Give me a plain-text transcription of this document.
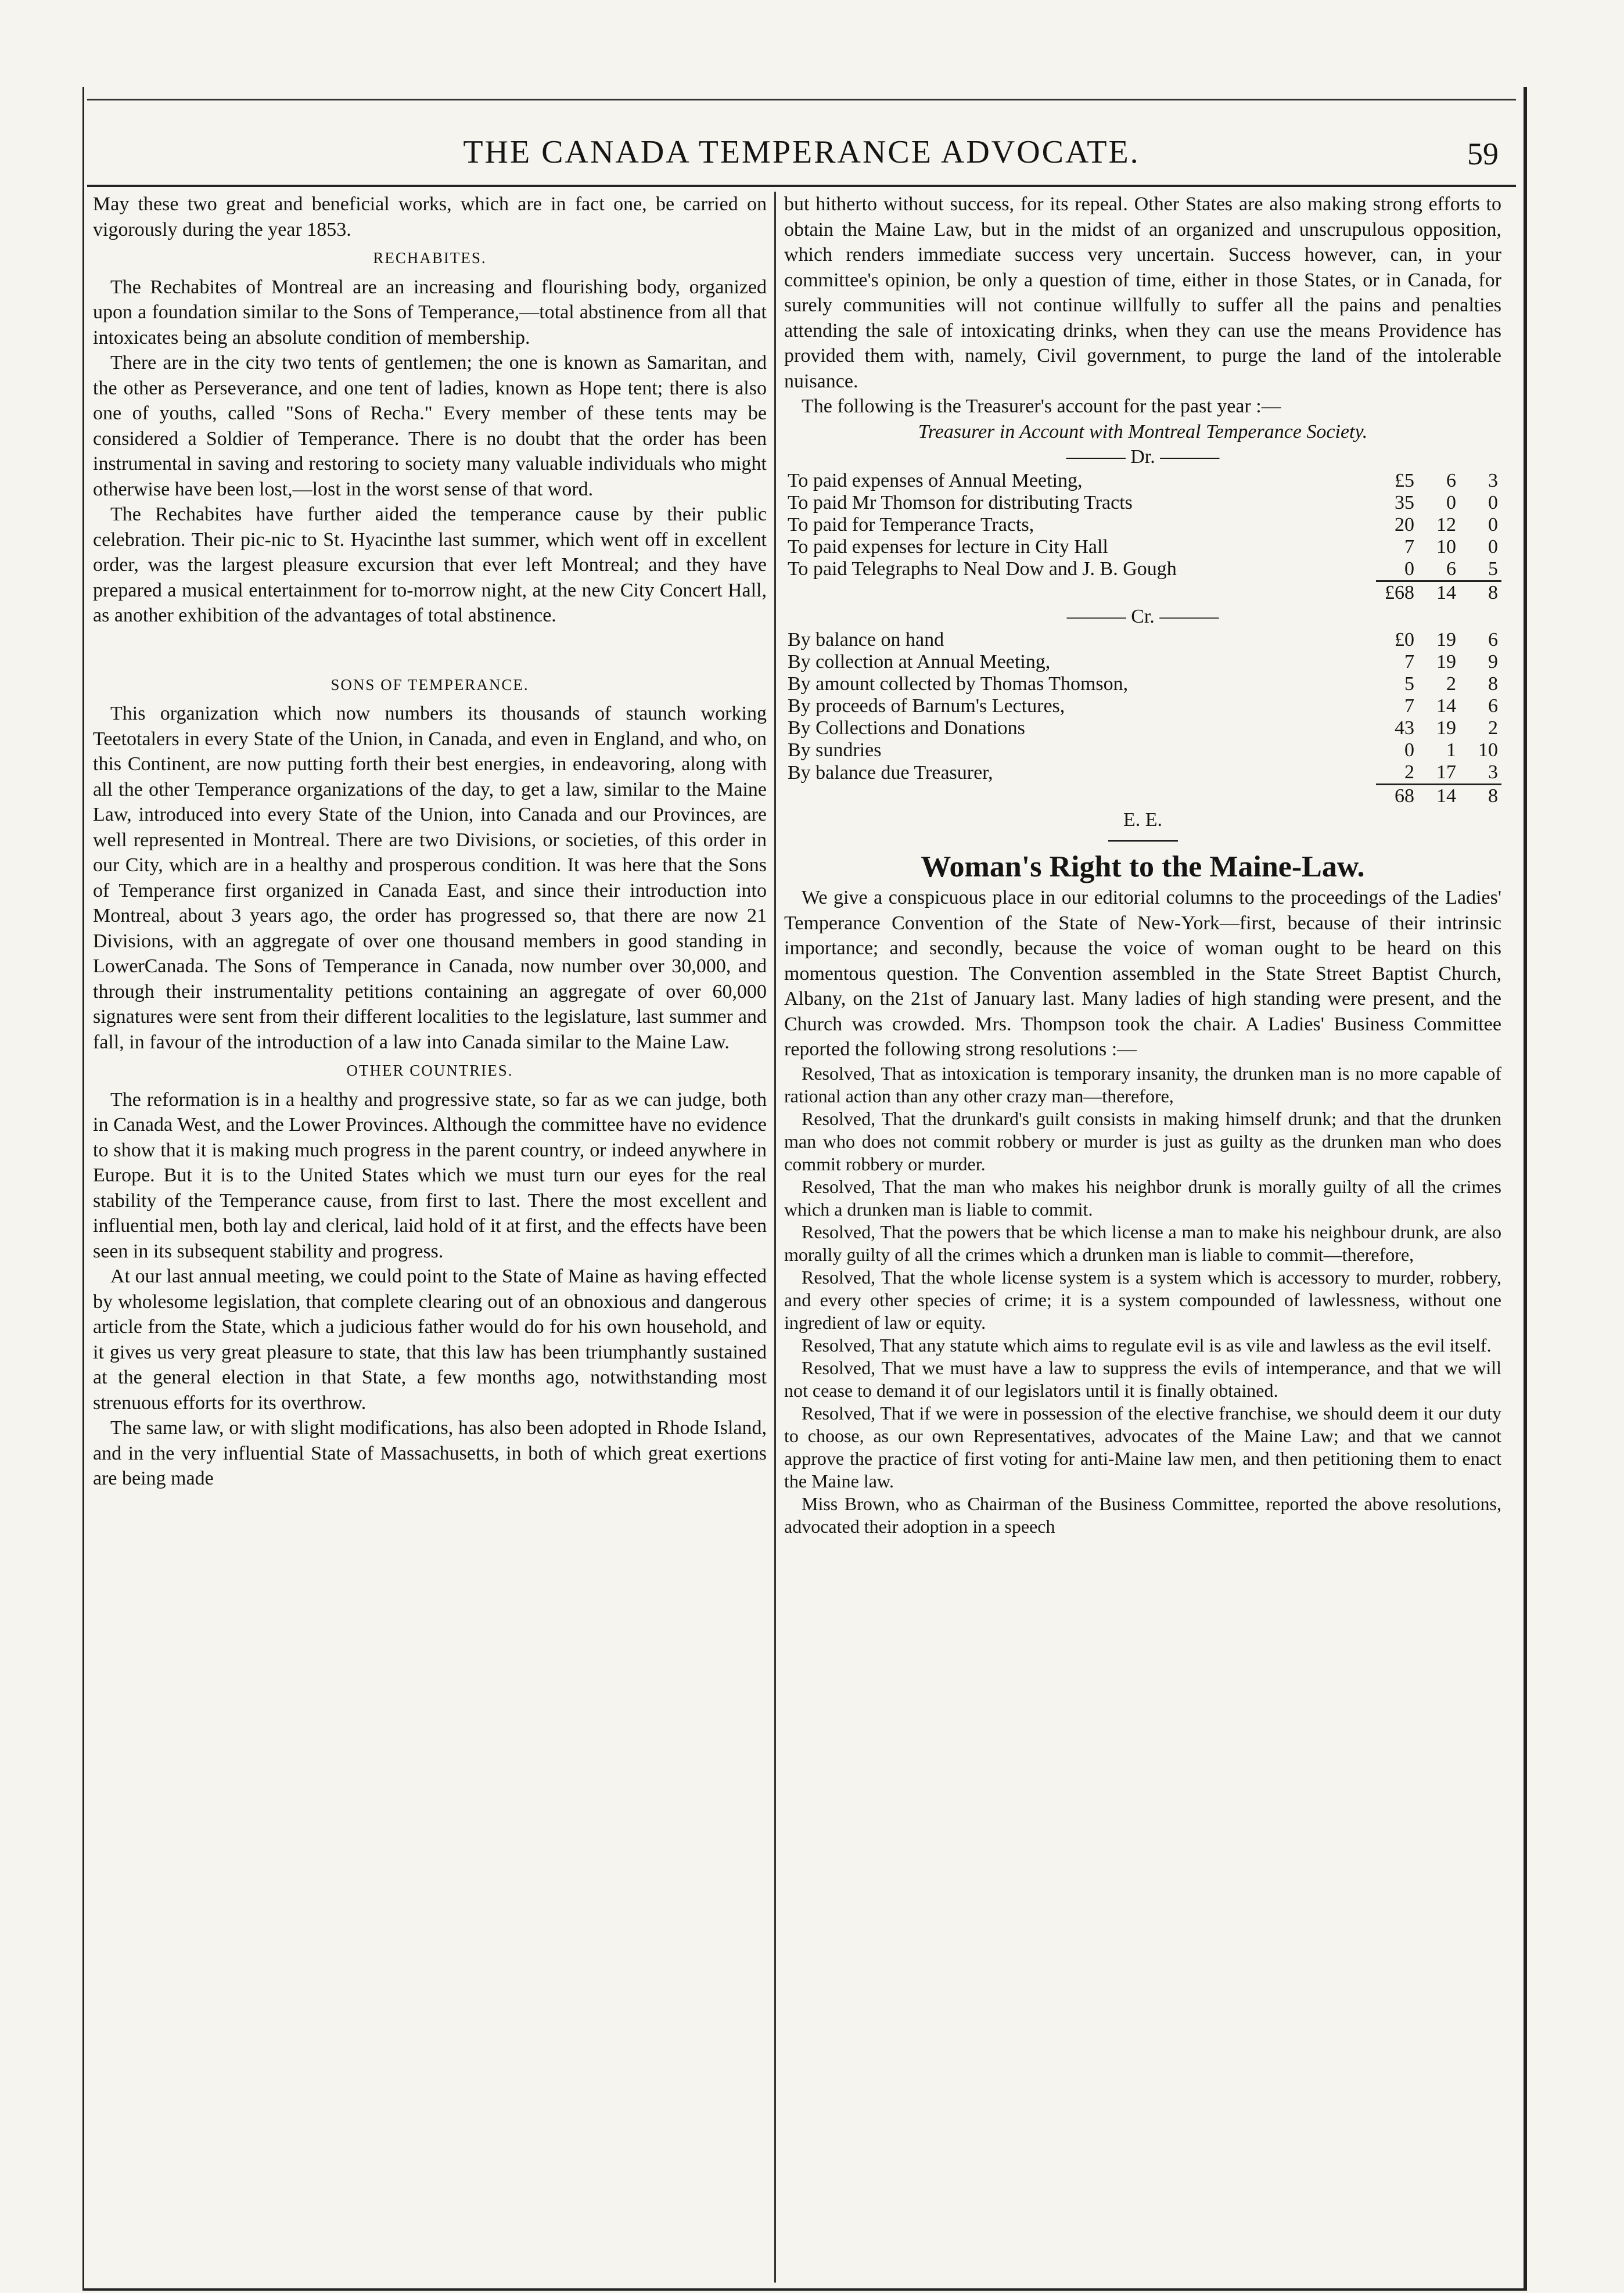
THE CANADA TEMPERANCE ADVOCATE.	59

May these two great and beneficial works, which are in fact one, be carried on vigorously during the year 1853.

RECHABITES.

The Rechabites of Montreal are an increasing and flourishing body, organized upon a foundation similar to the Sons of Temperance,—total abstinence from all that intoxicates being an absolute condition of membership.

There are in the city two tents of gentlemen; the one is known as Samaritan, and the other as Perseverance, and one tent of ladies, known as Hope tent; there is also one of youths, called "Sons of Recha." Every member of these tents may be considered a Soldier of Temperance. There is no doubt that the order has been instrumental in saving and restoring to society many valuable individuals who might otherwise have been lost,—lost in the worst sense of that word.

The Rechabites have further aided the temperance cause by their public celebration. Their pic-nic to St. Hyacinthe last summer, which went off in excellent order, was the largest pleasure excursion that ever left Montreal; and they have prepared a musical entertainment for to-morrow night, at the new City Concert Hall, as another exhibition of the advantages of total abstinence.

SONS OF TEMPERANCE.

This organization which now numbers its thousands of staunch working Teetotalers in every State of the Union, in Canada, and even in England, and who, on this Continent, are now putting forth their best energies, in endeavoring, along with all the other Temperance organizations of the day, to get a law, similar to the Maine Law, introduced into every State of the Union, into Canada and our Provinces, are well represented in Montreal. There are two Divisions, or societies, of this order in our City, which are in a healthy and prosperous condition. It was here that the Sons of Temperance first organized in Canada East, and since their introduction into Montreal, about 3 years ago, the order has progressed so, that there are now 21 Divisions, with an aggregate of over one thousand members in good standing in LowerCanada. The Sons of Temperance in Canada, now number over 30,000, and through their instrumentality petitions containing an aggregate of over 60,000 signatures were sent from their different localities to the legislature, last summer and fall, in favour of the introduction of a law into Canada similar to the Maine Law.

OTHER COUNTRIES.

The reformation is in a healthy and progressive state, so far as we can judge, both in Canada West, and the Lower Provinces. Although the committee have no evidence to show that it is making much progress in the parent country, or indeed anywhere in Europe. But it is to the United States which we must turn our eyes for the real stability of the Temperance cause, from first to last. There the most excellent and influential men, both lay and clerical, laid hold of it at first, and the effects have been seen in its subsequent stability and progress.

At our last annual meeting, we could point to the State of Maine as having effected by wholesome legislation, that complete clearing out of an obnoxious and dangerous article from the State, which a judicious father would do for his own household, and it gives us very great pleasure to state, that this law has been triumphantly sustained at the general election in that State, a few months ago, notwithstanding most strenuous efforts for its overthrow.

The same law, or with slight modifications, has also been adopted in Rhode Island, and in the very influential State of Massachusetts, in both of which great exertions are being made

but hitherto without success, for its repeal. Other States are also making strong efforts to obtain the Maine Law, but in the midst of an organized and unscrupulous opposition, which renders immediate success very uncertain. Success however, can, in your committee's opinion, be only a question of time, either in those States, or in Canada, for surely communities will not continue willfully to suffer all the pains and penalties attending the sale of intoxicating drinks, when they can use the means Providence has provided them with, namely, Civil government, to purge the land of the intolerable nuisance.

The following is the Treasurer's account for the past year :—

Treasurer in Account with Montreal Temperance Society.

——— Dr. ———
To paid expenses of Annual Meeting,	£5	6	3
To paid Mr Thomson for distributing Tracts	35	0	0
To paid for Temperance Tracts,	20	12	0
To paid expenses for lecture in City Hall	7	10	0
To paid Telegraphs to Neal Dow and J. B. Gough	0	6	5
	£68	14	8
——— Cr. ———
By balance on hand	£0	19	6
By collection at Annual Meeting,	7	19	9
By amount collected by Thomas Thomson,	5	2	8
By proceeds of Barnum's Lectures,	7	14	6
By Collections and Donations	43	19	2
By sundries	0	1	10
By balance due Treasurer,	2	17	3
	68	14	8
E. E.
Woman's Right to the Maine-Law.

We give a conspicuous place in our editorial columns to the proceedings of the Ladies' Temperance Convention of the State of New-York—first, because of their intrinsic importance; and secondly, because the voice of woman ought to be heard on this momentous question. The Convention assembled in the State Street Baptist Church, Albany, on the 21st of January last. Many ladies of high standing were present, and the Church was crowded. Mrs. Thompson took the chair. A Ladies' Business Committee reported the following strong resolutions :—

Resolved, That as intoxication is temporary insanity, the drunken man is no more capable of rational action than any other crazy man—therefore,

Resolved, That the drunkard's guilt consists in making himself drunk; and that the drunken man who does not commit robbery or murder is just as guilty as the drunken man who does commit robbery or murder.

Resolved, That the man who makes his neighbor drunk is morally guilty of all the crimes which a drunken man is liable to commit.

Resolved, That the powers that be which license a man to make his neighbour drunk, are also morally guilty of all the crimes which a drunken man is liable to commit—therefore,

Resolved, That the whole license system is a system which is accessory to murder, robbery, and every other species of crime; it is a system compounded of lawlessness, without one ingredient of law or equity.

Resolved, That any statute which aims to regulate evil is as vile and lawless as the evil itself.

Resolved, That we must have a law to suppress the evils of intemperance, and that we will not cease to demand it of our legislators until it is finally obtained.

Resolved, That if we were in possession of the elective franchise, we should deem it our duty to choose, as our own Representatives, advocates of the Maine Law; and that we cannot approve the practice of first voting for anti-Maine law men, and then petitioning them to enact the Maine law.

Miss Brown, who as Chairman of the Business Committee, reported the above resolutions, advocated their adoption in a speech
